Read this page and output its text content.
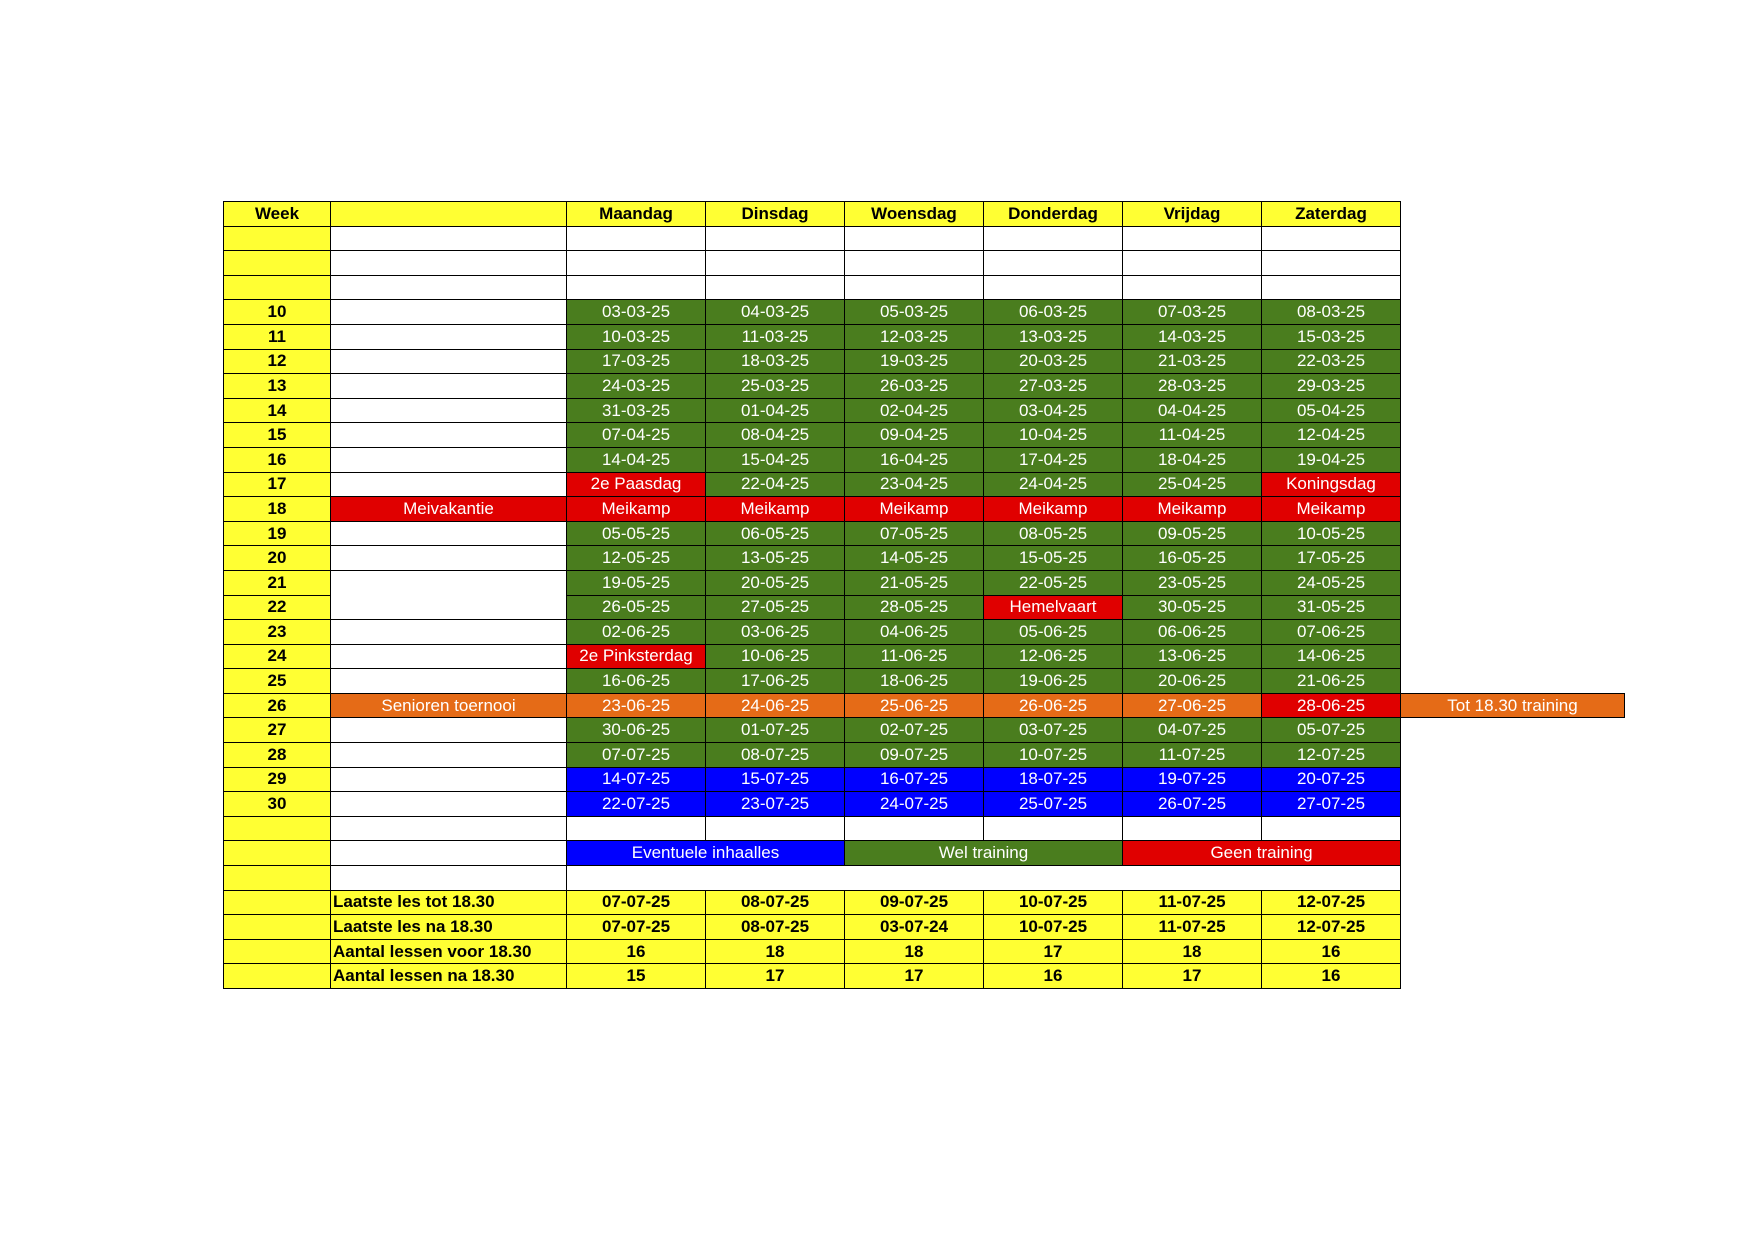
Week		Maandag	Dinsdag	Woensdag	Donderdag	Vrijdag	Zaterdag	

10		03-03-25	04-03-25	05-03-25	06-03-25	07-03-25	08-03-25	
11		10-03-25	11-03-25	12-03-25	13-03-25	14-03-25	15-03-25	
12		17-03-25	18-03-25	19-03-25	20-03-25	21-03-25	22-03-25	
13		24-03-25	25-03-25	26-03-25	27-03-25	28-03-25	29-03-25	
14		31-03-25	01-04-25	02-04-25	03-04-25	04-04-25	05-04-25	
15		07-04-25	08-04-25	09-04-25	10-04-25	11-04-25	12-04-25	
16		14-04-25	15-04-25	16-04-25	17-04-25	18-04-25	19-04-25	
17		2e Paasdag	22-04-25	23-04-25	24-04-25	25-04-25	Koningsdag	
18	Meivakantie	Meikamp	Meikamp	Meikamp	Meikamp	Meikamp	Meikamp	
19		05-05-25	06-05-25	07-05-25	08-05-25	09-05-25	10-05-25	
20		12-05-25	13-05-25	14-05-25	15-05-25	16-05-25	17-05-25	
21		19-05-25	20-05-25	21-05-25	22-05-25	23-05-25	24-05-25	
22		26-05-25	27-05-25	28-05-25	Hemelvaart	30-05-25	31-05-25	
23		02-06-25	03-06-25	04-06-25	05-06-25	06-06-25	07-06-25	
24		2e Pinksterdag	10-06-25	11-06-25	12-06-25	13-06-25	14-06-25	
25		16-06-25	17-06-25	18-06-25	19-06-25	20-06-25	21-06-25	
26	Senioren toernooi	23-06-25	24-06-25	25-06-25	26-06-25	27-06-25	28-06-25	Tot 18.30 training
27		30-06-25	01-07-25	02-07-25	03-07-25	04-07-25	05-07-25	
28		07-07-25	08-07-25	09-07-25	10-07-25	11-07-25	12-07-25	
29		14-07-25	15-07-25	16-07-25	18-07-25	19-07-25	20-07-25	
30		22-07-25	23-07-25	24-07-25	25-07-25	26-07-25	27-07-25	

		Eventuele inhaalles		Wel training		Geen training		

	Laatste les tot 18.30	07-07-25	08-07-25	09-07-25	10-07-25	11-07-25	12-07-25	
	Laatste les na 18.30	07-07-25	08-07-25	03-07-24	10-07-25	11-07-25	12-07-25	
	Aantal lessen voor 18.30	16	18	18	17	18	16	
	Aantal lessen na 18.30	15	17	17	16	17	16	
